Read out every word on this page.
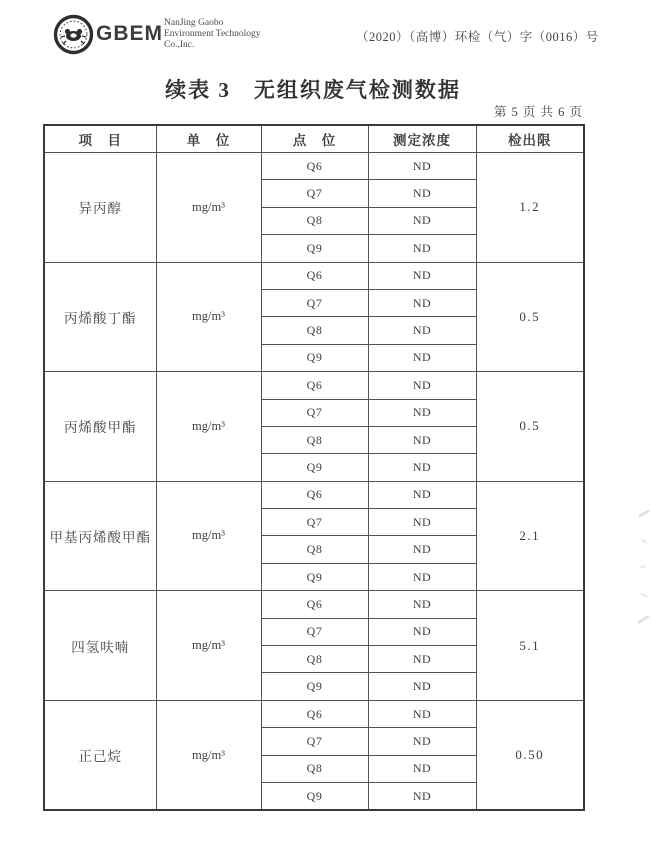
GBEM NanJing Gaobo
Environment Technology
Co.,Inc.
（2020）（高博）环检（气）字（0016）号
续表 3　无组织废气检测数据
第 5 页 共 6 页
项　目	单　位	点　位	测定浓度	检出限
异丙醇	mg/m³	Q6	ND	1.2
		Q7	ND	
		Q8	ND	
		Q9	ND	
丙烯酸丁酯	mg/m³	Q6	ND	0.5
		Q7	ND	
		Q8	ND	
		Q9	ND	
丙烯酸甲酯	mg/m³	Q6	ND	0.5
		Q7	ND	
		Q8	ND	
		Q9	ND	
甲基丙烯酸甲酯	mg/m³	Q6	ND	2.1
		Q7	ND	
		Q8	ND	
		Q9	ND	
四氢呋喃	mg/m³	Q6	ND	5.1
		Q7	ND	
		Q8	ND	
		Q9	ND	
正己烷	mg/m³	Q6	ND	0.50
		Q7	ND	
		Q8	ND	
		Q9	ND	
